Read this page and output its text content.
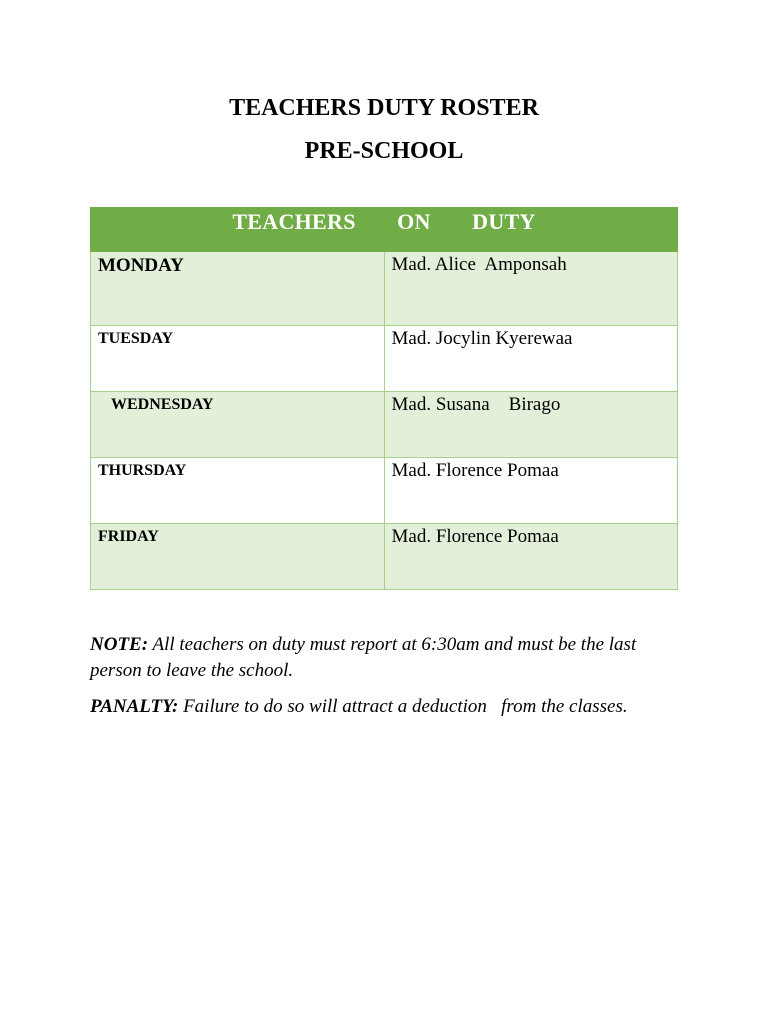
TEACHERS DUTY ROSTER
PRE-SCHOOL
TEACHERS   ON   DUTY	
MONDAY	Mad. Alice  Amponsah
TUESDAY	Mad. Jocylin Kyerewaa
WEDNESDAY	Mad. Susana    Birago
THURSDAY	Mad. Florence Pomaa
FRIDAY	Mad. Florence Pomaa

NOTE: All teachers on duty must report at 6:30am and must be the last person to leave the school.

PANALTY: Failure to do so will attract a deduction   from the classes.
